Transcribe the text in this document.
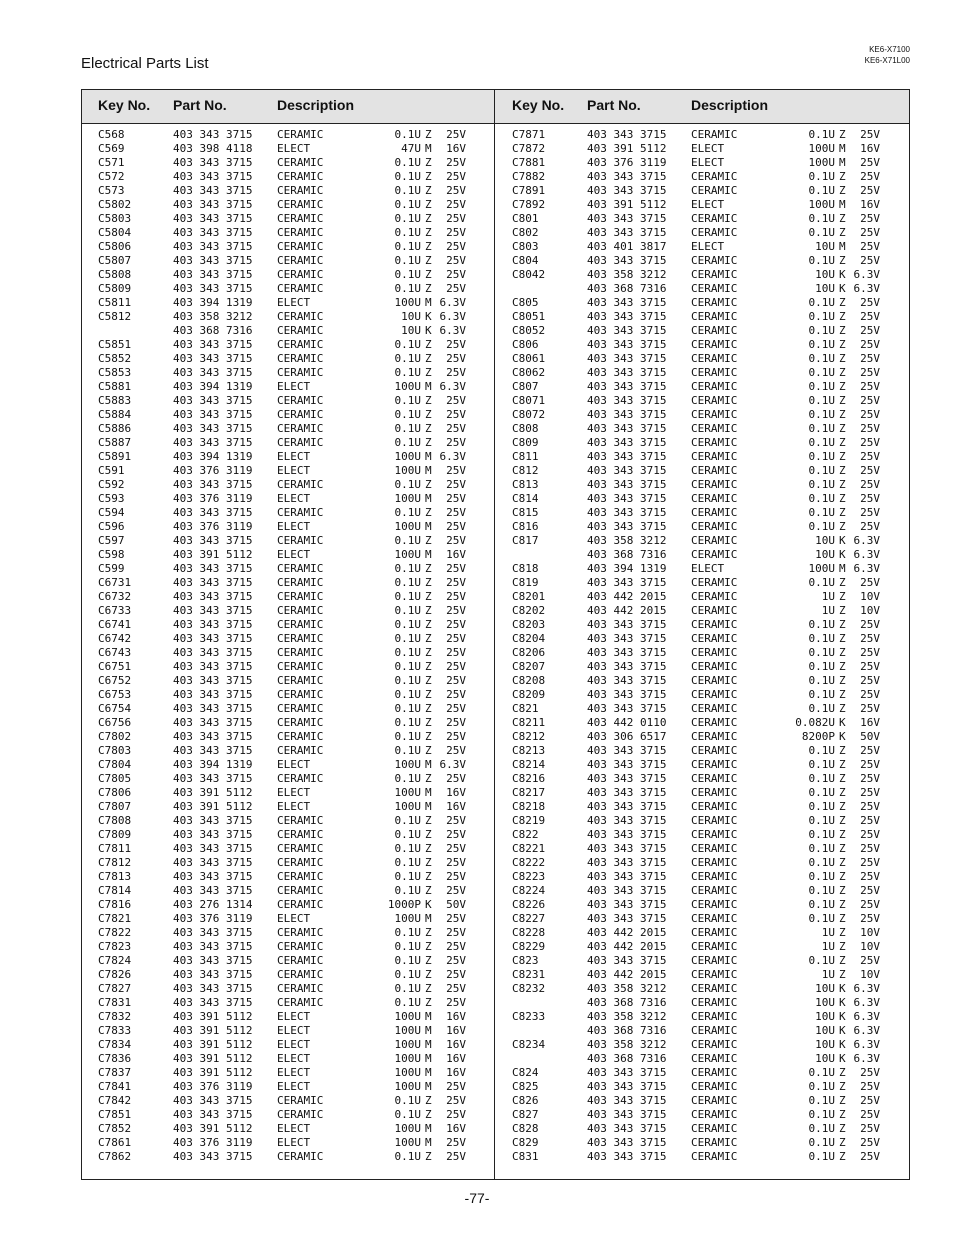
Electrical Parts List
KE6-X7100
KE6-X71L00
Key No. Part No.	Description
C568	403 343 3715 CERAMIC	0.1U Z	25V
C569	403 398 4118 ELECT	47U M	16V
C571	403 343 3715 CERAMIC	0.1U Z	25V
C572	403 343 3715 CERAMIC	0.1U Z	25V
C573	403 343 3715 CERAMIC	0.1U Z	25V
C5802	403 343 3715 CERAMIC	0.1U Z	25V
C5803	403 343 3715 CERAMIC	0.1U Z	25V
C5804	403 343 3715 CERAMIC	0.1U Z	25V
C5806	403 343 3715 CERAMIC	0.1U Z	25V
C5807	403 343 3715 CERAMIC	0.1U Z	25V
C5808	403 343 3715 CERAMIC	0.1U Z	25V
C5809	403 343 3715 CERAMIC	0.1U Z	25V
C5811	403 394 1319 ELECT	100U M 6.3V
C5812	403 358 3212 CERAMIC	10U K 6.3V
403 368 7316 CERAMIC	10U K 6.3V
C5851	403 343 3715 CERAMIC	0.1U Z	25V
C5852	403 343 3715 CERAMIC	0.1U Z	25V
C5853	403 343 3715 CERAMIC	0.1U Z	25V
C5881	403 394 1319 ELECT	100U M 6.3V
C5883	403 343 3715 CERAMIC	0.1U Z	25V
C5884	403 343 3715 CERAMIC	0.1U Z	25V
C5886	403 343 3715 CERAMIC	0.1U Z	25V
C5887	403 343 3715 CERAMIC	0.1U Z	25V
C5891	403 394 1319 ELECT	100U M 6.3V
C591	403 376 3119 ELECT	100U M	25V
C592	403 343 3715 CERAMIC	0.1U Z	25V
C593	403 376 3119 ELECT	100U M	25V
C594	403 343 3715 CERAMIC	0.1U Z	25V
C596	403 376 3119 ELECT	100U M	25V
C597	403 343 3715 CERAMIC	0.1U Z	25V
C598	403 391 5112 ELECT	100U M	16V
C599	403 343 3715 CERAMIC	0.1U Z	25V
C6731	403 343 3715 CERAMIC	0.1U Z	25V
C6732	403 343 3715 CERAMIC	0.1U Z	25V
C6733	403 343 3715 CERAMIC	0.1U Z	25V
C6741	403 343 3715 CERAMIC	0.1U Z	25V
C6742	403 343 3715 CERAMIC	0.1U Z	25V
C6743	403 343 3715 CERAMIC	0.1U Z	25V
C6751	403 343 3715 CERAMIC	0.1U Z	25V
C6752	403 343 3715 CERAMIC	0.1U Z	25V
C6753	403 343 3715 CERAMIC	0.1U Z	25V
C6754	403 343 3715 CERAMIC	0.1U Z	25V
C6756	403 343 3715 CERAMIC	0.1U Z	25V
C7802	403 343 3715 CERAMIC	0.1U Z	25V
C7803	403 343 3715 CERAMIC	0.1U Z	25V
C7804	403 394 1319 ELECT	100U M 6.3V
C7805	403 343 3715 CERAMIC	0.1U Z	25V
C7806	403 391 5112 ELECT	100U M	16V
C7807	403 391 5112 ELECT	100U M	16V
C7808	403 343 3715 CERAMIC	0.1U Z	25V
C7809	403 343 3715 CERAMIC	0.1U Z	25V
C7811	403 343 3715 CERAMIC	0.1U Z	25V
C7812	403 343 3715 CERAMIC	0.1U Z	25V
C7813	403 343 3715 CERAMIC	0.1U Z	25V
C7814	403 343 3715 CERAMIC	0.1U Z	25V
C7816	403 276 1314 CERAMIC	1000P K	50V
C7821	403 376 3119 ELECT	100U M	25V
C7822	403 343 3715 CERAMIC	0.1U Z	25V
C7823	403 343 3715 CERAMIC	0.1U Z	25V
C7824	403 343 3715 CERAMIC	0.1U Z	25V
C7826	403 343 3715 CERAMIC	0.1U Z	25V
C7827	403 343 3715 CERAMIC	0.1U Z	25V
C7831	403 343 3715 CERAMIC	0.1U Z	25V
C7832	403 391 5112 ELECT	100U M	16V
C7833	403 391 5112 ELECT	100U M	16V
C7834	403 391 5112 ELECT	100U M	16V
C7836	403 391 5112 ELECT	100U M	16V
C7837	403 391 5112 ELECT	100U M	16V
C7841	403 376 3119 ELECT	100U M	25V
C7842	403 343 3715 CERAMIC	0.1U Z	25V
C7851	403 343 3715 CERAMIC	0.1U Z	25V
C7852	403 391 5112 ELECT	100U M	16V
C7861	403 376 3119 ELECT	100U M	25V
C7862	403 343 3715 CERAMIC	0.1U Z	25V
Key No. Part No.	Description
C7871	403 343 3715 CERAMIC	0.1U Z	25V
C7872	403 391 5112 ELECT	100U M	16V
C7881	403 376 3119 ELECT	100U M	25V
C7882	403 343 3715 CERAMIC	0.1U Z	25V
C7891	403 343 3715 CERAMIC	0.1U Z	25V
C7892	403 391 5112 ELECT	100U M	16V
C801	403 343 3715 CERAMIC	0.1U Z	25V
C802	403 343 3715 CERAMIC	0.1U Z	25V
C803	403 401 3817 ELECT	10U M	25V
C804	403 343 3715 CERAMIC	0.1U Z	25V
C8042	403 358 3212 CERAMIC	10U K 6.3V
403 368 7316 CERAMIC	10U K 6.3V
C805	403 343 3715 CERAMIC	0.1U Z	25V
C8051	403 343 3715 CERAMIC	0.1U Z	25V
C8052	403 343 3715 CERAMIC	0.1U Z	25V
C806	403 343 3715 CERAMIC	0.1U Z	25V
C8061	403 343 3715 CERAMIC	0.1U Z	25V
C8062	403 343 3715 CERAMIC	0.1U Z	25V
C807	403 343 3715 CERAMIC	0.1U Z	25V
C8071	403 343 3715 CERAMIC	0.1U Z	25V
C8072	403 343 3715 CERAMIC	0.1U Z	25V
C808	403 343 3715 CERAMIC	0.1U Z	25V
C809	403 343 3715 CERAMIC	0.1U Z	25V
C811	403 343 3715 CERAMIC	0.1U Z	25V
C812	403 343 3715 CERAMIC	0.1U Z	25V
C813	403 343 3715 CERAMIC	0.1U Z	25V
C814	403 343 3715 CERAMIC	0.1U Z	25V
C815	403 343 3715 CERAMIC	0.1U Z	25V
C816	403 343 3715 CERAMIC	0.1U Z	25V
C817	403 358 3212 CERAMIC	10U K 6.3V
403 368 7316 CERAMIC	10U K 6.3V
C818	403 394 1319 ELECT	100U M 6.3V
C819	403 343 3715 CERAMIC	0.1U Z	25V
C8201	403 442 2015 CERAMIC	1U Z	10V
C8202	403 442 2015 CERAMIC	1U Z	10V
C8203	403 343 3715 CERAMIC	0.1U Z	25V
C8204	403 343 3715 CERAMIC	0.1U Z	25V
C8206	403 343 3715 CERAMIC	0.1U Z	25V
C8207	403 343 3715 CERAMIC	0.1U Z	25V
C8208	403 343 3715 CERAMIC	0.1U Z	25V
C8209	403 343 3715 CERAMIC	0.1U Z	25V
C821	403 343 3715 CERAMIC	0.1U Z	25V
C8211	403 442 0110 CERAMIC	0.082U K	16V
C8212	403 306 6517 CERAMIC	8200P K	50V
C8213	403 343 3715 CERAMIC	0.1U Z	25V
C8214	403 343 3715 CERAMIC	0.1U Z	25V
C8216	403 343 3715 CERAMIC	0.1U Z	25V
C8217	403 343 3715 CERAMIC	0.1U Z	25V
C8218	403 343 3715 CERAMIC	0.1U Z	25V
C8219	403 343 3715 CERAMIC	0.1U Z	25V
C822	403 343 3715 CERAMIC	0.1U Z	25V
C8221	403 343 3715 CERAMIC	0.1U Z	25V
C8222	403 343 3715 CERAMIC	0.1U Z	25V
C8223	403 343 3715 CERAMIC	0.1U Z	25V
C8224	403 343 3715 CERAMIC	0.1U Z	25V
C8226	403 343 3715 CERAMIC	0.1U Z	25V
C8227	403 343 3715 CERAMIC	0.1U Z	25V
C8228	403 442 2015 CERAMIC	1U Z	10V
C8229	403 442 2015 CERAMIC	1U Z	10V
C823	403 343 3715 CERAMIC	0.1U Z	25V
C8231	403 442 2015 CERAMIC	1U Z	10V
C8232	403 358 3212 CERAMIC	10U K 6.3V
403 368 7316 CERAMIC	10U K 6.3V
C8233	403 358 3212 CERAMIC	10U K 6.3V
403 368 7316 CERAMIC	10U K 6.3V
C8234	403 358 3212 CERAMIC	10U K 6.3V
403 368 7316 CERAMIC	10U K 6.3V
C824	403 343 3715 CERAMIC	0.1U Z	25V
C825	403 343 3715 CERAMIC	0.1U Z	25V
C826	403 343 3715 CERAMIC	0.1U Z	25V
C827	403 343 3715 CERAMIC	0.1U Z	25V
C828	403 343 3715 CERAMIC	0.1U Z	25V
C829	403 343 3715 CERAMIC	0.1U Z	25V
C831	403 343 3715 CERAMIC	0.1U Z	25V
-77-
